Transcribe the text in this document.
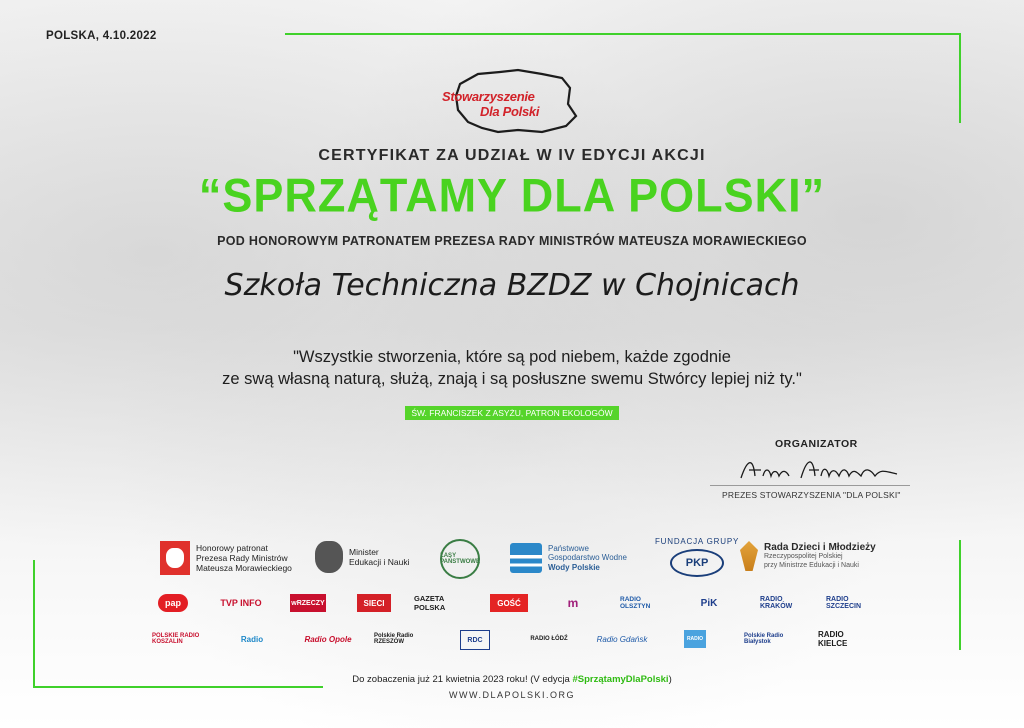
POLSKA, 4.10.2022
Stowarzyszenie
Dla Polski
CERTYFIKAT ZA UDZIAŁ W IV EDYCJI AKCJI
“SPRZĄTAMY DLA POLSKI”
POD HONOROWYM PATRONATEM PREZESA RADY MINISTRÓW MATEUSZA MORAWIECKIEGO
Szkoła Techniczna BZDZ w Chojnicach
"Wszystkie stworzenia, które są pod niebem, każde zgodnie
ze swą własną naturą, służą, znają i są posłuszne swemu Stwórcy lepiej niż ty."
ŚW. FRANCISZEK Z ASYŻU, PATRON EKOLOGÓW
ORGANIZATOR
PREZES STOWARZYSZENIA "DLA POLSKI"
Honorowy patronat
Prezesa Rady Ministrów
Mateusza Morawieckiego
Minister
Edukacji i Nauki
LASY PAŃSTWOWE
Państwowe
Gospodarstwo Wodne
Wody Polskie
FUNDACJA GRUPY
PKP
Rada Dzieci i Młodzieży
Rzeczypospolitej Polskiej
przy Ministrze Edukacji i Nauki
pap	TVP INFO	wRZECZY	SIECI	GAZETA POLSKA	GOŚĆ	m	RADIO OLSZTYN	PiK	RADIO KRAKÓW
RADIO SZCZECIN
POLSKIE RADIO KOSZALIN	Radio	Radio Opole	Polskie Radio RZESZÓW	RDC	RADIO ŁÓDŹ	Radio Gdańsk	RADIO	Polskie Radio Białystok
RADIO KIELCE
Do zobaczenia już 21 kwietnia 2023 roku! (V edycja #SprzątamyDlaPolski)
WWW.DLAPOLSKI.ORG
